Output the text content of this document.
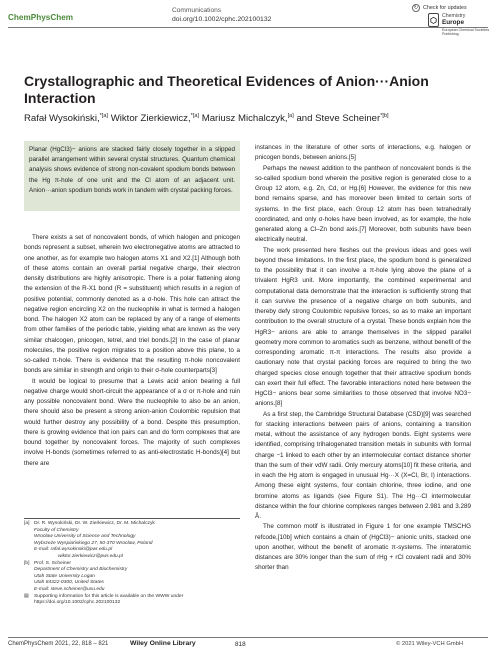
ChemPhysChem
Communications
doi.org/10.1002/cphc.202100132
↻ Check for updates
⬡ Chemistry
Europe
European Chemical Societies Publishing
Crystallographic and Theoretical Evidences of Anion···Anion Interaction
Rafał Wysokiński,$^{*[a]}$ Wiktor Zierkiewicz,$^{*[a]}$ Mariusz Michalczyk,[a] and Steve Scheiner$^{*[b]}$
Planar (HgCl3)− anions are stacked fairly closely together in a slipped parallel arrangement within several crystal structures. Quantum chemical analysis shows evidence of strong non-covalent spodium bonds between the Hg π-hole of one unit and the Cl atom of an adjacent unit. Anion···anion spodium bonds work in tandem with crystal packing forces.

There exists a set of noncovalent bonds, of which halogen and pnicogen bonds represent a subset, wherein two electronegative atoms are attracted to one another, as for example two halogen atoms X1 and X2.[1] Although both of these atoms contain an overall partial negative charge, their electron density distributions are highly anisotropic. There is a polar flattening along the extension of the R-X1 bond (R = substituent) which results in a region of positive potential, commonly denoted as a σ-hole. This hole can attract the negative region encircling X2 on the nucleophile in what is termed a halogen bond. The halogen X2 atom can be replaced by any of a range of elements from other families of the periodic table, yielding what are known as the very similar chalcogen, pnicogen, tetrel, and triel bonds.[2] In the case of planar molecules, the positive region migrates to a position above this plane, to a so-called π-hole. There is evidence that the resulting π-hole noncovalent bonds are similar in strength and origin to their σ-hole counterparts[3]

It would be logical to presume that a Lewis acid anion bearing a full negative charge would short-circuit the appearance of a σ or π-hole and ruin any possible noncovalent bond. Were the nucleophile to also be an anion, there should also be present a strong anion-anion Coulombic repulsion that would further destroy any possibility of a bond. Despite this presumption, there is growing evidence that ion pairs can and do form complexes that are bound together by noncovalent forces. The majority of such complexes involve H-bonds (sometimes referred to as anti-electrostatic H-bonds)[4] but there are

instances in the literature of other sorts of interactions, e.g. halogen or pnicogen bonds, between anions.[5]

Perhaps the newest addition to the pantheon of noncovalent bonds is the so-called spodium bond wherein the positive region is generated close to a Group 12 atom, e.g. Zn, Cd, or Hg.[6] However, the evidence for this new bond remains sparse, and has moreover been limited to certain sorts of systems. In the first place, each Group 12 atom has been tetrahedrally coordinated, and only σ-holes have been involved, as for example, the hole generated along a Cl–Zn bond axis.[7] Moreover, both subunits have been electrically neutral.

The work presented here fleshes out the previous ideas and goes well beyond these limitations. In the first place, the spodium bond is generalized to the possibility that it can involve a π-hole lying above the plane of a trivalent HgR3 unit. More importantly, the combined experimental and computational data demonstrate that the interaction is sufficiently strong that it can survive the presence of a negative charge on both subunits, and thereby defy strong Coulombic repulsive forces, so as to make an important contribution to the overall structure of a crystal. These bonds explain how the HgR3− anions are able to arrange themselves in the slipped parallel geometry more common to aromatics such as benzene, without benefit of the corresponding aromatic π-π interactions. The results also provide a cautionary note that crystal packing forces are required to bring the two charged species close enough together that their attractive spodium bonds can exert their full effect. The favorable interactions noted here between the HgCl3− anions bear some similarities to those observed that involve NO3− anions.[8]

As a first step, the Cambridge Structural Database (CSD)[9] was searched for stacking interactions between pairs of anions, containing a transition metal, without the assistance of any hydrogen bonds. Eight systems were identified, comprising trihalogenated transition metals in subunits with formal charge −1 linked to each other by an intermolecular contact distance shorter than the sum of their vdW radii. Only mercury atoms[10] fit these criteria, and in each the Hg atom is engaged in unusual Hg···X (X=Cl, Br, I) interactions. Among these eight systems, four contain chlorine, three iodine, and one bromine atoms as ligands (see Figure S1). The Hg···Cl intermolecular distance within the four chlorine complexes ranges between 2.981 and 3.289 Å.

The common motif is illustrated in Figure 1 for one example TMSCHG refcode,[10b] which contains a chain of (HgCl3)− anionic units, stacked one upon another, without the benefit of aromatic π-systems. The interatomic distances are 30% longer than the sum of rHg + rCl covalent radii and 30% shorter than

[a] Dr. R. Wysokiński, Dr. W. Zierkiewicz, Dr. M. Michalczyk
Faculty of Chemistry
Wrocław University of Science and Technology
Wybrzeże Wyspiańskiego 27, 50-370 Wrocław, Poland
E-mail: rafal.wysokinski@pwr.edu.pl
wiktor.zierkiewicz@pwr.edu.pl
[b] Prof. S. Scheiner
Department of Chemistry and Biochemistry
Utah State University Logan
Utah 84322-0300, United States
E-mail: steve.scheiner@usu.edu
▤	Supporting information for this article is available on the WWW under https://doi.org/10.1002/cphc.202100132
ChemPhysChem 2021, 22, 818 – 821	Wiley Online Library	818	© 2021 Wiley-VCH GmbH
